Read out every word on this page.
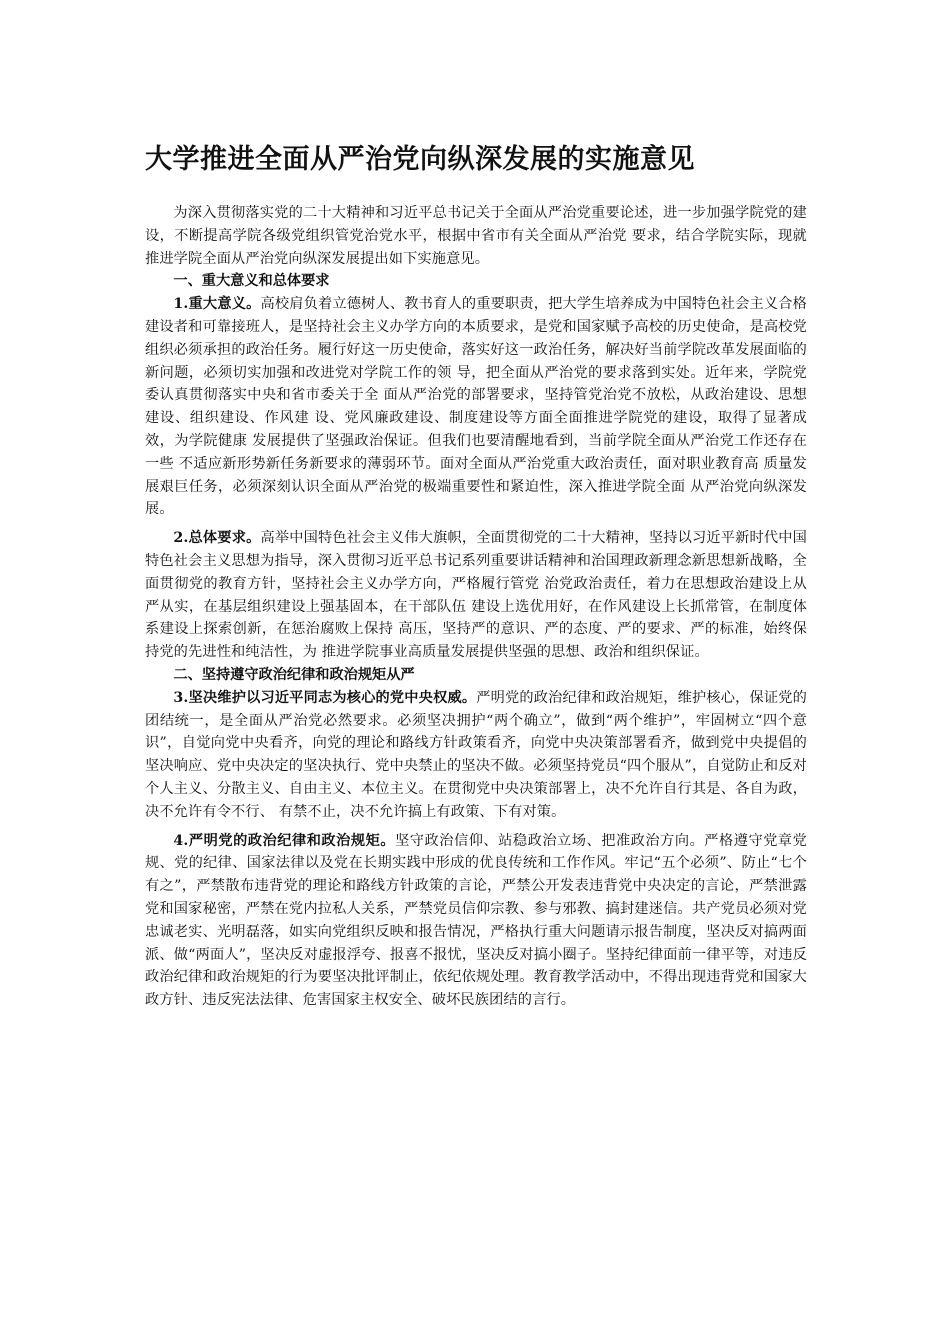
大学推进全面从严治党向纵深发展的实施意见

为深入贯彻落实党的二十大精神和习近平总书记关于全面从严治党重要论述，进一步加强学院党的建设，不断提高学院各级党组织管党治党水平，根据中省市有关全面从严治党 要求，结合学院实际，现就推进学院全面从严治党向纵深发展提出如下实施意见。

一、重大意义和总体要求

1.重大意义。高校肩负着立德树人、教书育人的重要职责，把大学生培养成为中国特色社会主义合格建设者和可靠接班人，是坚持社会主义办学方向的本质要求，是党和国家赋予高校的历史使命，是高校党组织必须承担的政治任务。履行好这一历史使命，落实好这一政治任务，解决好当前学院改革发展面临的新问题，必须切实加强和改进党对学院工作的领 导，把全面从严治党的要求落到实处。近年来，学院党委认真贯彻落实中央和省市委关于全 面从严治党的部署要求，坚持管党治党不放松，从政治建设、思想建设、组织建设、作风建 设、党风廉政建设、制度建设等方面全面推进学院党的建设，取得了显著成效，为学院健康 发展提供了坚强政治保证。但我们也要清醒地看到，当前学院全面从严治党工作还存在一些 不适应新形势新任务新要求的薄弱环节。面对全面从严治党重大政治责任，面对职业教育高 质量发展艰巨任务，必须深刻认识全面从严治党的极端重要性和紧迫性，深入推进学院全面 从严治党向纵深发展。

2.总体要求。高举中国特色社会主义伟大旗帜，全面贯彻党的二十大精神，坚持以习近平新时代中国特色社会主义思想为指导，深入贯彻习近平总书记系列重要讲话精神和治国理政新理念新思想新战略，全面贯彻党的教育方针，坚持社会主义办学方向，严格履行管党 治党政治责任，着力在思想政治建设上从严从实，在基层组织建设上强基固本，在干部队伍 建设上选优用好，在作风建设上长抓常管，在制度体系建设上探索创新，在惩治腐败上保持 高压，坚持严的意识、严的态度、严的要求、严的标准，始终保持党的先进性和纯洁性，为 推进学院事业高质量发展提供坚强的思想、政治和组织保证。

二、坚持遵守政治纪律和政治规矩从严

3.坚决维护以习近平同志为核心的党中央权威。严明党的政治纪律和政治规矩，维护核心，保证党的团结统一，是全面从严治党必然要求。必须坚决拥护“两个确立”，做到“两个维护”，牢固树立“四个意识”，自觉向党中央看齐，向党的理论和路线方针政策看齐，向党中央决策部署看齐，做到党中央提倡的坚决响应、党中央决定的坚决执行、党中央禁止的坚决不做。必须坚持党员“四个服从”，自觉防止和反对个人主义、分散主义、自由主义、本位主义。在贯彻党中央决策部署上，决不允许自行其是、各自为政，决不允许有令不行、 有禁不止，决不允许搞上有政策、下有对策。

4.严明党的政治纪律和政治规矩。坚守政治信仰、站稳政治立场、把准政治方向。严格遵守党章党规、党的纪律、国家法律以及党在长期实践中形成的优良传统和工作作风。牢记“五个必须”、防止“七个有之”，严禁散布违背党的理论和路线方针政策的言论，严禁公开发表违背党中央决定的言论，严禁泄露党和国家秘密，严禁在党内拉私人关系，严禁党员信仰宗教、参与邪教、搞封建迷信。共产党员必须对党忠诚老实、光明磊落，如实向党组织反映和报告情况，严格执行重大问题请示报告制度，坚决反对搞两面派、做“两面人”，坚决反对虚报浮夸、报喜不报忧，坚决反对搞小圈子。坚持纪律面前一律平等，对违反政治纪律和政治规矩的行为要坚决批评制止，依纪依规处理。教育教学活动中，不得出现违背党和国家大政方针、违反宪法法律、危害国家主权安全、破坏民族团结的言行。
